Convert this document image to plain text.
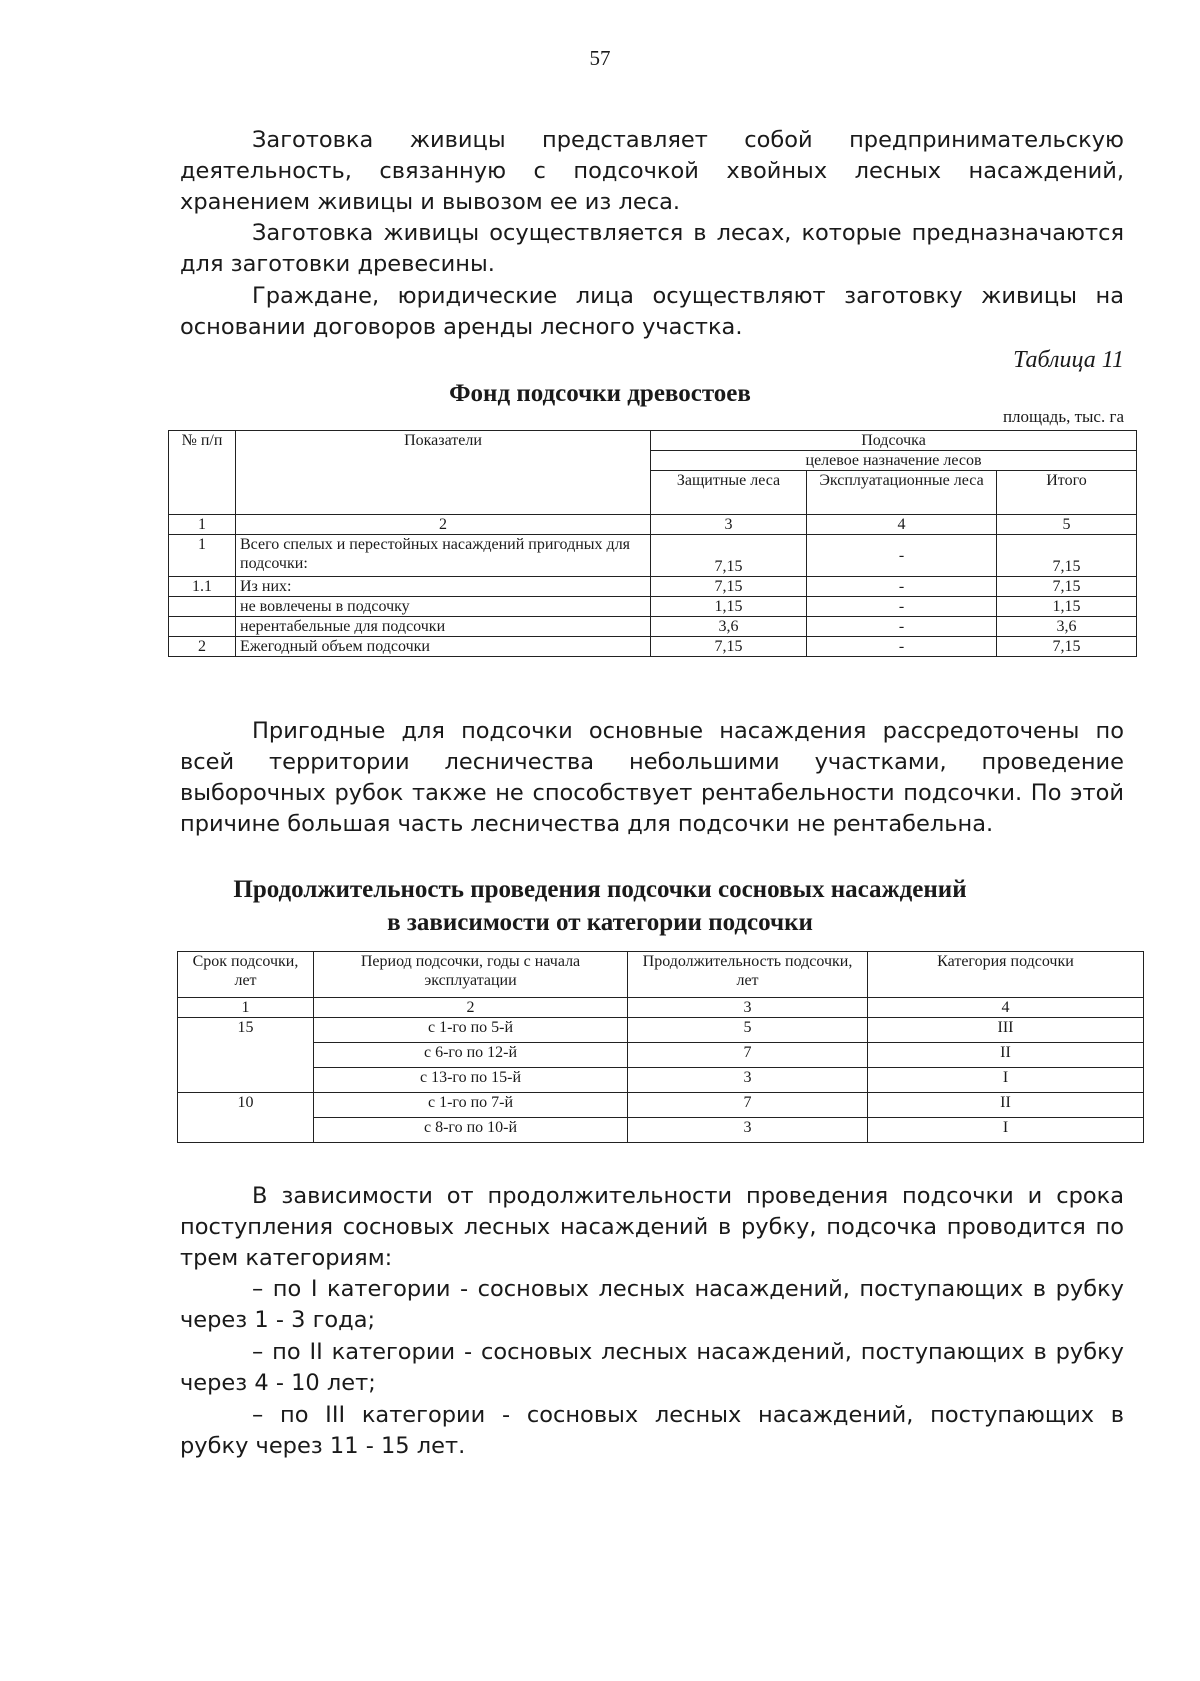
57
Заготовка живицы представляет собой предпринимательскую
деятельность, связанную с подсочкой хвойных лесных насаждений,
хранением живицы и вывозом ее из леса.
Заготовка живицы осуществляется в лесах, которые предназначаются
для заготовки древесины.
Граждане, юридические лица осуществляют заготовку живицы на
основании договоров аренды лесного участка.
Таблица 11
Фонд подсочки древостоев
площадь, тыс. га
№ п/п	Показатели	Подсочка		
		целевое назначение лесов		
		Защитные леса	Эксплуатационные леса	Итого
1	2	3	4	5
1	Всего спелых и перестойных насаждений пригодных для подсочки:	7,15	-	7,15
1.1	Из них:	7,15	-	7,15
	не вовлечены в подсочку	1,15	-	1,15
	нерентабельные для подсочки	3,6	-	3,6
2	Ежегодный объем подсочки	7,15	-	7,15
Пригодные для подсочки основные насаждения рассредоточены по
всей территории лесничества небольшими участками, проведение
выборочных рубок также не способствует рентабельности подсочки. По этой
причине большая часть лесничества для подсочки не рентабельна.
Продолжительность проведения подсочки сосновых насаждений
в зависимости от категории подсочки
Срок подсочки, лет	Период подсочки, годы с начала эксплуатации	Продолжительность подсочки, лет	Категория подсочки
1	2	3	4
15	с 1-го по 5-й	5	III
	с 6-го по 12-й	7	II
	с 13-го по 15-й	3	I
10	с 1-го по 7-й	7	II
	с 8-го по 10-й	3	I
В зависимости от продолжительности проведения подсочки и срока
поступления сосновых лесных насаждений в рубку, подсочка проводится по
трем категориям:
– по I категории - сосновых лесных насаждений, поступающих в рубку
через 1 - 3 года;
– по II категории - сосновых лесных насаждений, поступающих в рубку
через 4 - 10 лет;
– по III категории - сосновых лесных насаждений, поступающих в
рубку через 11 - 15 лет.
